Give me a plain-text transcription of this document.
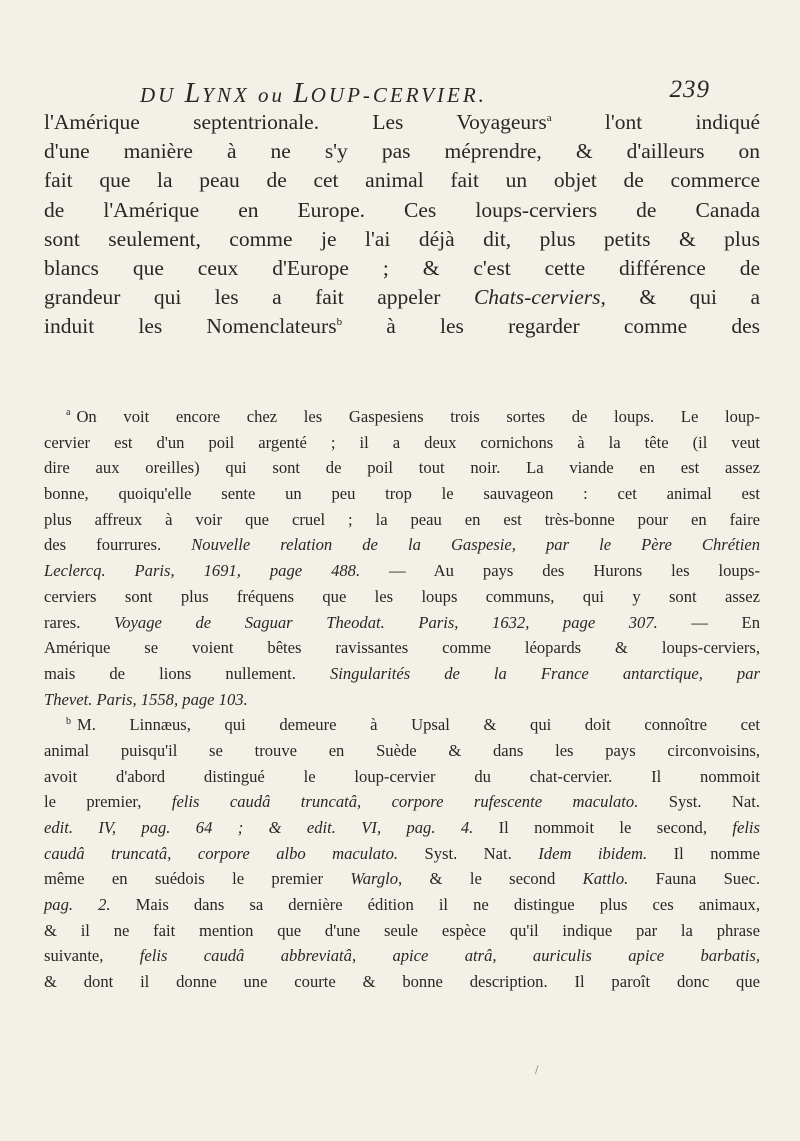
DU LYNX ou LOUP-CERVIER.	239
l'Amérique septentrionale. Les Voyageurs$^a$ l'ont indiqué
d'une manière à ne s'y pas méprendre, & d'ailleurs on
fait que la peau de cet animal fait un objet de commerce
de l'Amérique en Europe. Ces loups-cerviers de Canada
sont seulement, comme je l'ai déjà dit, plus petits & plus
blancs que ceux d'Europe ; & c'est cette différence de
grandeur qui les a fait appeler Chats-cerviers, & qui a
induit les Nomenclateurs$^b$ à les regarder comme des
$^a$ On voit encore chez les Gaspesiens trois sortes de loups. Le loup-
cervier est d'un poil argenté ; il a deux cornichons à la tête (il veut
dire aux oreilles) qui sont de poil tout noir. La viande en est assez
bonne, quoiqu'elle sente un peu trop le sauvageon : cet animal est
plus affreux à voir que cruel ; la peau en est très-bonne pour en faire
des fourrures. Nouvelle relation de la Gaspesie, par le Père Chrétien
Leclercq. Paris, 1691, page 488. — Au pays des Hurons les loups-
cerviers sont plus fréquens que les loups communs, qui y sont assez
rares. Voyage de Saguar Theodat. Paris, 1632, page 307. — En
Amérique se voient bêtes ravissantes comme léopards & loups-cerviers,
mais de lions nullement. Singularités de la France antarctique, par
Thevet. Paris, 1558, page 103.
$^b$ M. Linnæus, qui demeure à Upsal & qui doit connoître cet
animal puisqu'il se trouve en Suède & dans les pays circonvoisins,
avoit d'abord distingué le loup-cervier du chat-cervier. Il nommoit
le premier, felis caudâ truncatâ, corpore rufescente maculato. Syst. Nat.
edit. IV, pag. 64 ; & edit. VI, pag. 4. Il nommoit le second, felis
caudâ truncatâ, corpore albo maculato. Syst. Nat. Idem ibidem. Il nomme
même en suédois le premier Warglo, & le second Kattlo. Fauna Suec.
pag. 2. Mais dans sa dernière édition il ne distingue plus ces animaux,
& il ne fait mention que d'une seule espèce qu'il indique par la phrase
suivante, felis caudâ abbreviatâ, apice atrâ, auriculis apice barbatis,
& dont il donne une courte & bonne description. Il paroît donc que
/
